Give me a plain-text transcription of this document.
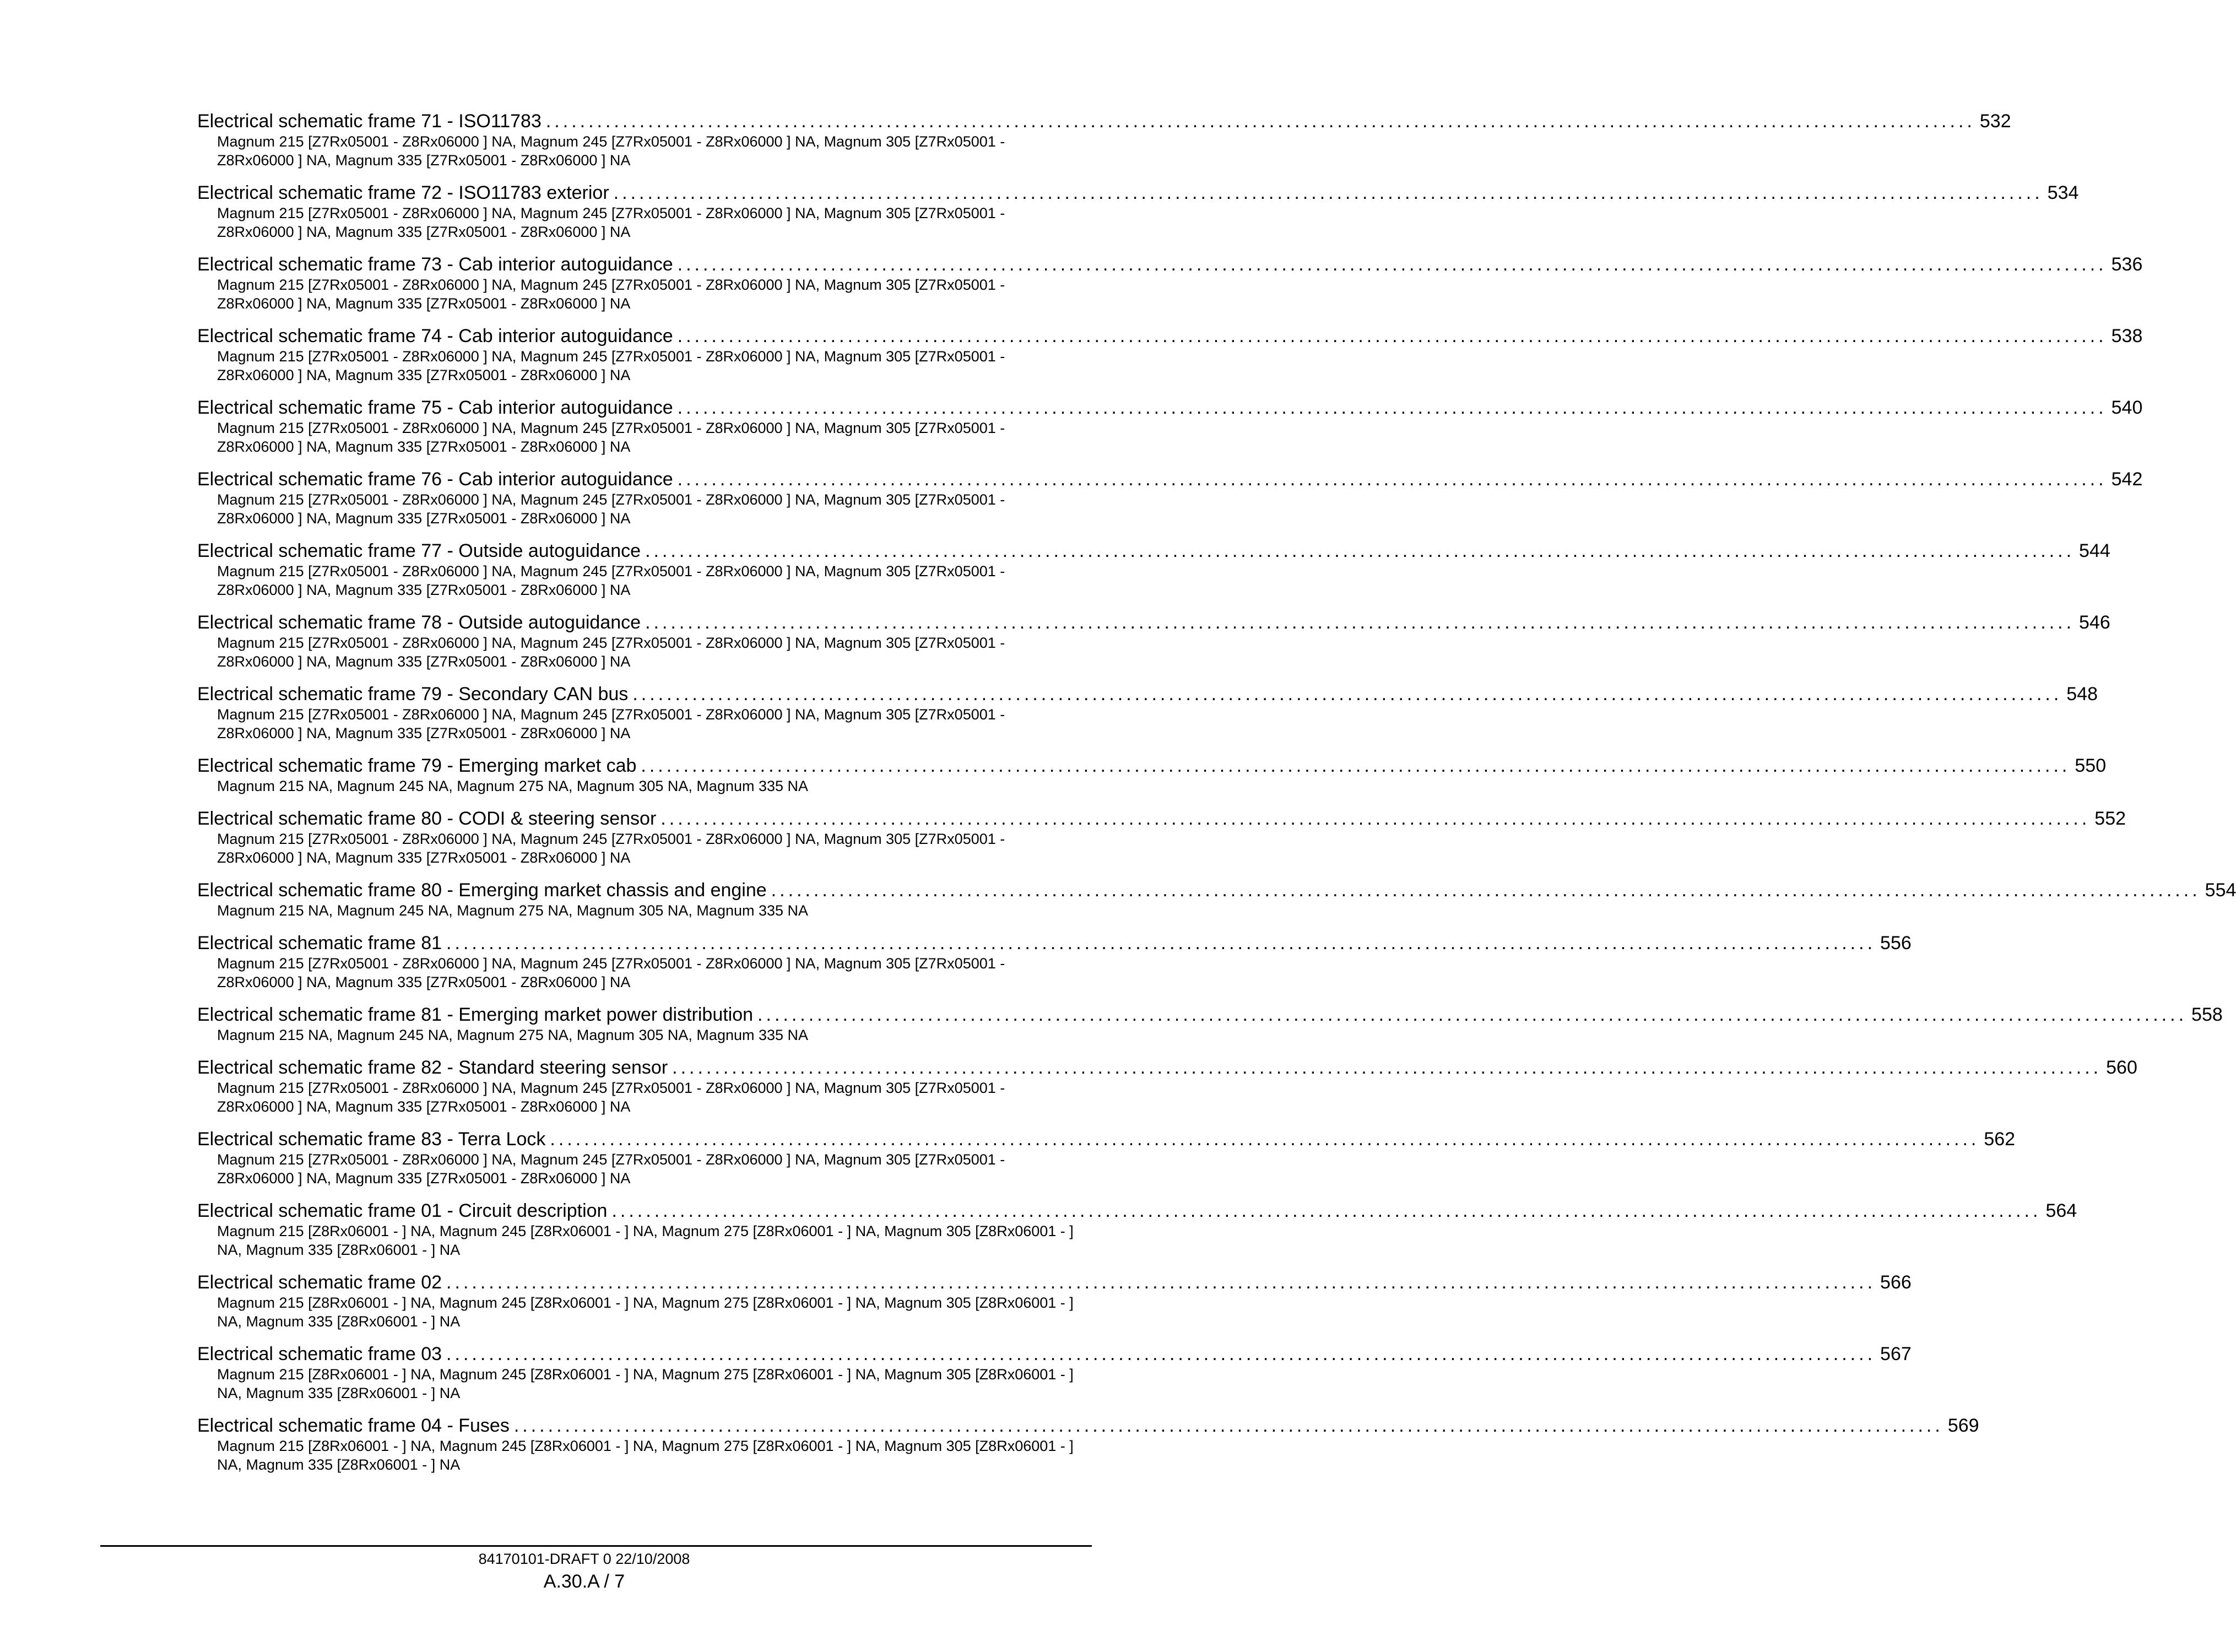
Electrical schematic frame 71 - ISO11783 ........................................................................................................................................................................ 532
Magnum 215 [Z7Rx05001 - Z8Rx06000 ] NA, Magnum 245 [Z7Rx05001 - Z8Rx06000 ] NA, Magnum 305 [Z7Rx05001 - Z8Rx06000 ] NA, Magnum 335 [Z7Rx05001 - Z8Rx06000 ] NA
Electrical schematic frame 72 - ISO11783 exterior ........................................................................................................................................................................ 534
Magnum 215 [Z7Rx05001 - Z8Rx06000 ] NA, Magnum 245 [Z7Rx05001 - Z8Rx06000 ] NA, Magnum 305 [Z7Rx05001 - Z8Rx06000 ] NA, Magnum 335 [Z7Rx05001 - Z8Rx06000 ] NA
Electrical schematic frame 73 - Cab interior autoguidance ........................................................................................................................................................................ 536
Magnum 215 [Z7Rx05001 - Z8Rx06000 ] NA, Magnum 245 [Z7Rx05001 - Z8Rx06000 ] NA, Magnum 305 [Z7Rx05001 - Z8Rx06000 ] NA, Magnum 335 [Z7Rx05001 - Z8Rx06000 ] NA
Electrical schematic frame 74 - Cab interior autoguidance ........................................................................................................................................................................ 538
Magnum 215 [Z7Rx05001 - Z8Rx06000 ] NA, Magnum 245 [Z7Rx05001 - Z8Rx06000 ] NA, Magnum 305 [Z7Rx05001 - Z8Rx06000 ] NA, Magnum 335 [Z7Rx05001 - Z8Rx06000 ] NA
Electrical schematic frame 75 - Cab interior autoguidance ........................................................................................................................................................................ 540
Magnum 215 [Z7Rx05001 - Z8Rx06000 ] NA, Magnum 245 [Z7Rx05001 - Z8Rx06000 ] NA, Magnum 305 [Z7Rx05001 - Z8Rx06000 ] NA, Magnum 335 [Z7Rx05001 - Z8Rx06000 ] NA
Electrical schematic frame 76 - Cab interior autoguidance ........................................................................................................................................................................ 542
Magnum 215 [Z7Rx05001 - Z8Rx06000 ] NA, Magnum 245 [Z7Rx05001 - Z8Rx06000 ] NA, Magnum 305 [Z7Rx05001 - Z8Rx06000 ] NA, Magnum 335 [Z7Rx05001 - Z8Rx06000 ] NA
Electrical schematic frame 77 - Outside autoguidance ........................................................................................................................................................................ 544
Magnum 215 [Z7Rx05001 - Z8Rx06000 ] NA, Magnum 245 [Z7Rx05001 - Z8Rx06000 ] NA, Magnum 305 [Z7Rx05001 - Z8Rx06000 ] NA, Magnum 335 [Z7Rx05001 - Z8Rx06000 ] NA
Electrical schematic frame 78 - Outside autoguidance ........................................................................................................................................................................ 546
Magnum 215 [Z7Rx05001 - Z8Rx06000 ] NA, Magnum 245 [Z7Rx05001 - Z8Rx06000 ] NA, Magnum 305 [Z7Rx05001 - Z8Rx06000 ] NA, Magnum 335 [Z7Rx05001 - Z8Rx06000 ] NA
Electrical schematic frame 79 - Secondary CAN bus ........................................................................................................................................................................ 548
Magnum 215 [Z7Rx05001 - Z8Rx06000 ] NA, Magnum 245 [Z7Rx05001 - Z8Rx06000 ] NA, Magnum 305 [Z7Rx05001 - Z8Rx06000 ] NA, Magnum 335 [Z7Rx05001 - Z8Rx06000 ] NA
Electrical schematic frame 79 - Emerging market cab ........................................................................................................................................................................ 550
Magnum 215 NA, Magnum 245 NA, Magnum 275 NA, Magnum 305 NA, Magnum 335 NA
Electrical schematic frame 80 - CODI & steering sensor ........................................................................................................................................................................ 552
Magnum 215 [Z7Rx05001 - Z8Rx06000 ] NA, Magnum 245 [Z7Rx05001 - Z8Rx06000 ] NA, Magnum 305 [Z7Rx05001 - Z8Rx06000 ] NA, Magnum 335 [Z7Rx05001 - Z8Rx06000 ] NA
Electrical schematic frame 80 - Emerging market chassis and engine ........................................................................................................................................................................ 554
Magnum 215 NA, Magnum 245 NA, Magnum 275 NA, Magnum 305 NA, Magnum 335 NA
Electrical schematic frame 81 ........................................................................................................................................................................ 556
Magnum 215 [Z7Rx05001 - Z8Rx06000 ] NA, Magnum 245 [Z7Rx05001 - Z8Rx06000 ] NA, Magnum 305 [Z7Rx05001 - Z8Rx06000 ] NA, Magnum 335 [Z7Rx05001 - Z8Rx06000 ] NA
Electrical schematic frame 81 - Emerging market power distribution ........................................................................................................................................................................ 558
Magnum 215 NA, Magnum 245 NA, Magnum 275 NA, Magnum 305 NA, Magnum 335 NA
Electrical schematic frame 82 - Standard steering sensor ........................................................................................................................................................................ 560
Magnum 215 [Z7Rx05001 - Z8Rx06000 ] NA, Magnum 245 [Z7Rx05001 - Z8Rx06000 ] NA, Magnum 305 [Z7Rx05001 - Z8Rx06000 ] NA, Magnum 335 [Z7Rx05001 - Z8Rx06000 ] NA
Electrical schematic frame 83 - Terra Lock ........................................................................................................................................................................ 562
Magnum 215 [Z7Rx05001 - Z8Rx06000 ] NA, Magnum 245 [Z7Rx05001 - Z8Rx06000 ] NA, Magnum 305 [Z7Rx05001 - Z8Rx06000 ] NA, Magnum 335 [Z7Rx05001 - Z8Rx06000 ] NA
Electrical schematic frame 01 - Circuit description ........................................................................................................................................................................ 564
Magnum 215 [Z8Rx06001 - ] NA, Magnum 245 [Z8Rx06001 - ] NA, Magnum 275 [Z8Rx06001 - ] NA, Magnum 305 [Z8Rx06001 - ] NA, Magnum 335 [Z8Rx06001 - ] NA
Electrical schematic frame 02 ........................................................................................................................................................................ 566
Magnum 215 [Z8Rx06001 - ] NA, Magnum 245 [Z8Rx06001 - ] NA, Magnum 275 [Z8Rx06001 - ] NA, Magnum 305 [Z8Rx06001 - ] NA, Magnum 335 [Z8Rx06001 - ] NA
Electrical schematic frame 03 ........................................................................................................................................................................ 567
Magnum 215 [Z8Rx06001 - ] NA, Magnum 245 [Z8Rx06001 - ] NA, Magnum 275 [Z8Rx06001 - ] NA, Magnum 305 [Z8Rx06001 - ] NA, Magnum 335 [Z8Rx06001 - ] NA
Electrical schematic frame 04 - Fuses ........................................................................................................................................................................ 569
Magnum 215 [Z8Rx06001 - ] NA, Magnum 245 [Z8Rx06001 - ] NA, Magnum 275 [Z8Rx06001 - ] NA, Magnum 305 [Z8Rx06001 - ] NA, Magnum 335 [Z8Rx06001 - ] NA
84170101-DRAFT 0 22/10/2008
A.30.A / 7
